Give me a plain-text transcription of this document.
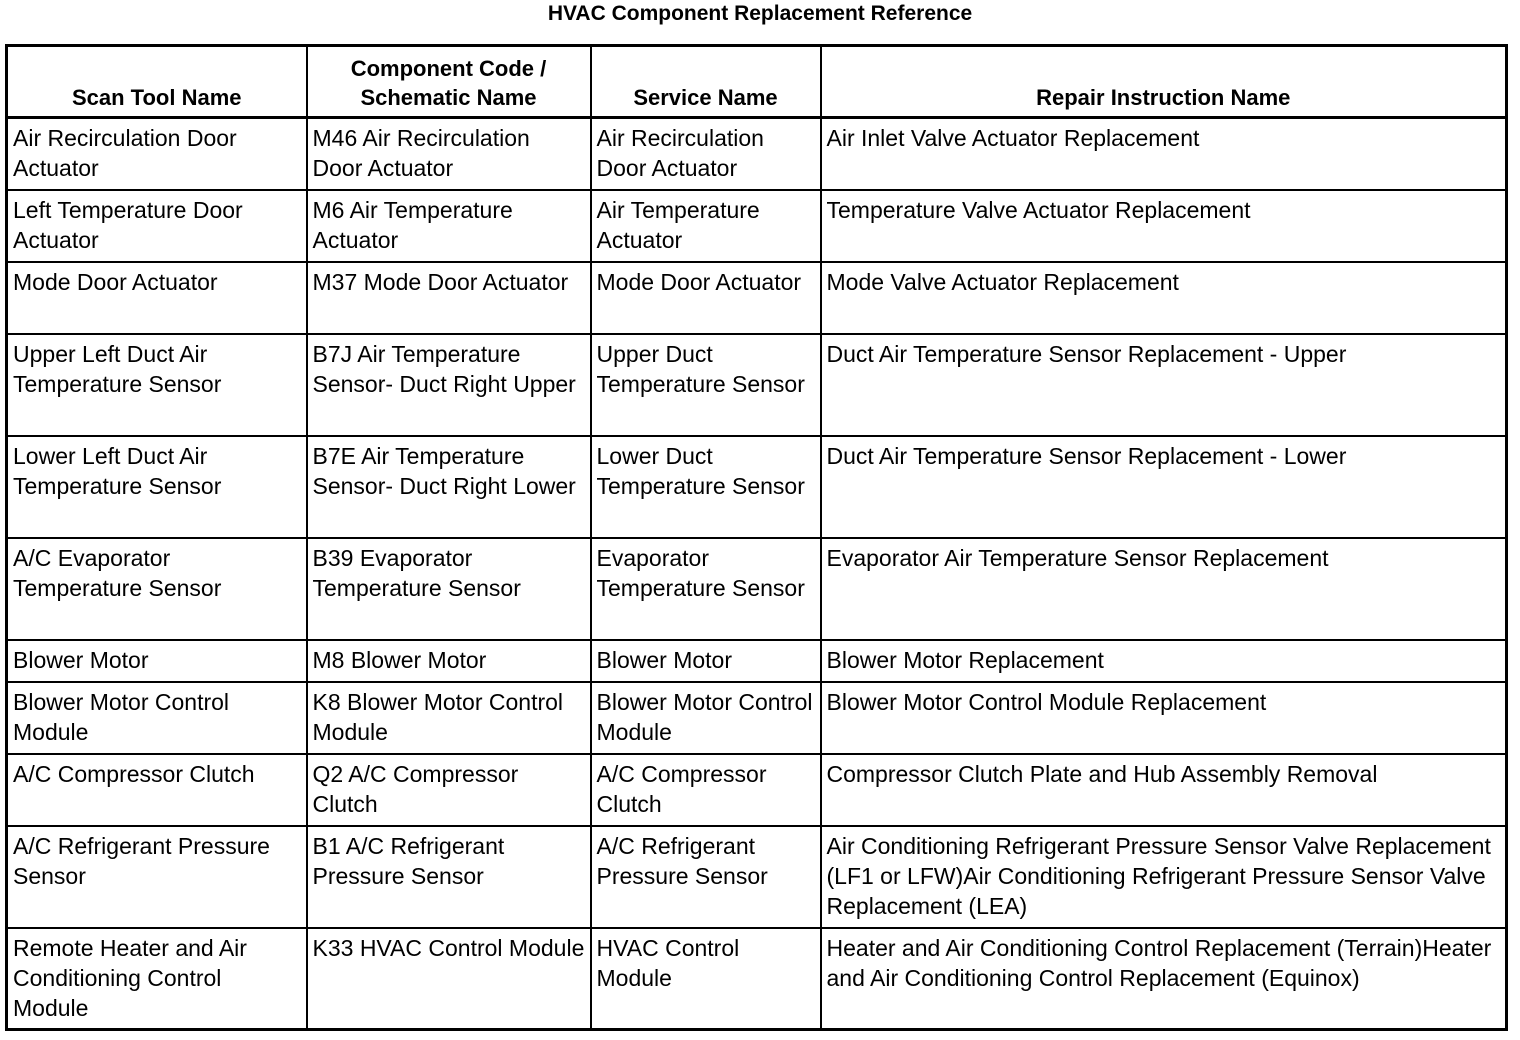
HVAC Component Replacement Reference
Scan Tool Name	Component Code / Schematic Name	Service Name	Repair Instruction Name
Air Recirculation Door Actuator	M46 Air Recirculation Door Actuator	Air Recirculation Door Actuator	Air Inlet Valve Actuator Replacement
Left Temperature Door Actuator	M6 Air Temperature Actuator	Air Temperature Actuator	Temperature Valve Actuator Replacement
Mode Door Actuator	M37 Mode Door Actuator	Mode Door Actuator	Mode Valve Actuator Replacement
Upper Left Duct Air Temperature Sensor	B7J Air Temperature Sensor- Duct Right Upper	Upper Duct Temperature Sensor	Duct Air Temperature Sensor Replacement - Upper
Lower Left Duct Air Temperature Sensor	B7E Air Temperature Sensor- Duct Right Lower	Lower Duct Temperature Sensor	Duct Air Temperature Sensor Replacement - Lower
A/C Evaporator Temperature Sensor	B39 Evaporator Temperature Sensor	Evaporator Temperature Sensor	Evaporator Air Temperature Sensor Replacement
Blower Motor	M8 Blower Motor	Blower Motor	Blower Motor Replacement
Blower Motor Control Module	K8 Blower Motor Control Module	Blower Motor Control Module	Blower Motor Control Module Replacement
A/C Compressor Clutch	Q2 A/C Compressor Clutch	A/C Compressor Clutch	Compressor Clutch Plate and Hub Assembly Removal
A/C Refrigerant Pressure Sensor	B1 A/C Refrigerant Pressure Sensor	A/C Refrigerant Pressure Sensor	Air Conditioning Refrigerant Pressure Sensor Valve Replacement (LF1 or LFW)Air Conditioning Refrigerant Pressure Sensor Valve Replacement (LEA)
Remote Heater and Air Conditioning Control Module	K33 HVAC Control Module	HVAC Control Module	Heater and Air Conditioning Control Replacement (Terrain)Heater and Air Conditioning Control Replacement (Equinox)
